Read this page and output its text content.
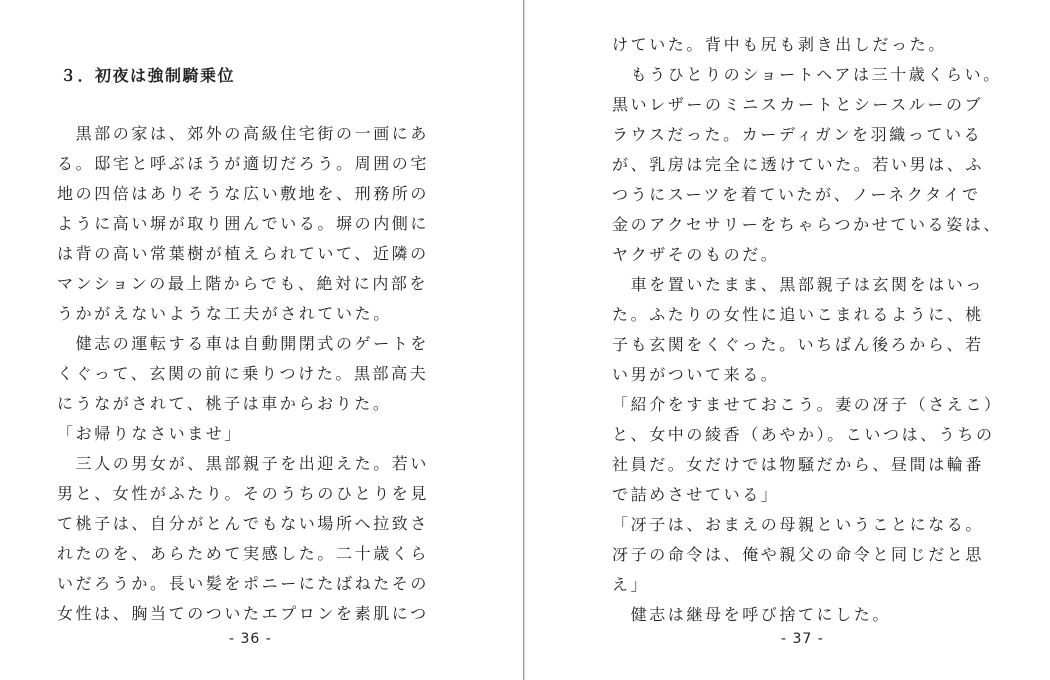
３．初夜は強制騎乗位
　黒部の家は、郊外の高級住宅街の一画にあ
る。邸宅と呼ぶほうが適切だろう。周囲の宅
地の四倍はありそうな広い敷地を、刑務所の
ように高い塀が取り囲んでいる。塀の内側に
は背の高い常葉樹が植えられていて、近隣の
マンションの最上階からでも、絶対に内部を
うかがえないような工夫がされていた。
　健志の運転する車は自動開閉式のゲートを
くぐって、玄関の前に乗りつけた。黒部高夫
にうながされて、桃子は車からおりた。
「お帰りなさいませ」
　三人の男女が、黒部親子を出迎えた。若い
男と、女性がふたり。そのうちのひとりを見
て桃子は、自分がとんでもない場所へ拉致さ
れたのを、あらためて実感した。二十歳くら
いだろうか。長い髪をポニーにたばねたその
女性は、胸当てのついたエプロンを素肌につ
- 36 -
けていた。背中も尻も剥き出しだった。
　もうひとりのショートヘアは三十歳くらい。
黒いレザーのミニスカートとシースルーのブ
ラウスだった。カーディガンを羽織っている
が、乳房は完全に透けていた。若い男は、ふ
つうにスーツを着ていたが、ノーネクタイで
金のアクセサリーをちゃらつかせている姿は、
ヤクザそのものだ。
　車を置いたまま、黒部親子は玄関をはいっ
た。ふたりの女性に追いこまれるように、桃
子も玄関をくぐった。いちばん後ろから、若
い男がついて来る。
「紹介をすませておこう。妻の冴子（さえこ）
と、女中の綾香（あやか）。こいつは、うちの
社員だ。女だけでは物騒だから、昼間は輪番
で詰めさせている」
「冴子は、おまえの母親ということになる。
冴子の命令は、俺や親父の命令と同じだと思
え」
　健志は継母を呼び捨てにした。
- 37 -
